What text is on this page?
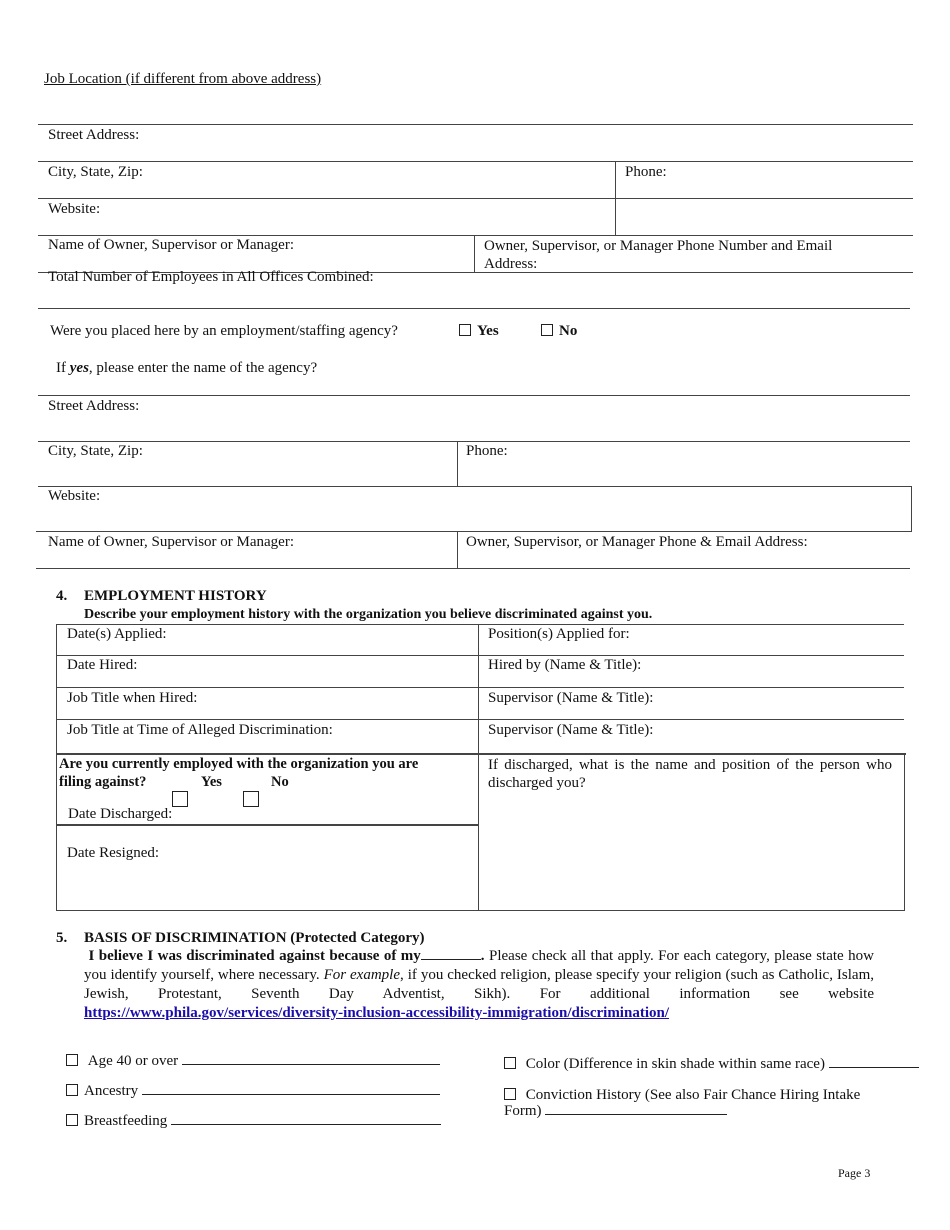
Job Location (if different from above address)
Street Address:
City, State, Zip:	Phone:
Website:
Name of Owner, Supervisor or Manager:	Owner, Supervisor, or Manager Phone Number and Email Address:
Total Number of Employees in All Offices Combined:
Were you placed here by an employment/staffing agency?	Yes	No
If yes, please enter the name of the agency?
Street Address:
City, State, Zip:	Phone:
Website:
Name of Owner, Supervisor or Manager:	Owner, Supervisor, or Manager Phone & Email Address:
4. EMPLOYMENT HISTORY
Describe your employment history with the organization you believe discriminated against you.
Date(s) Applied:	Position(s) Applied for:
Date Hired:	Hired by (Name & Title):
Job Title when Hired:	Supervisor (Name & Title):
Job Title at Time of Alleged Discrimination:	Supervisor (Name & Title):
Are you currently employed with the organization you are
filing against?	Yes	No
Date Discharged:
Date Resigned:
If discharged, what is the name and position of the person who discharged you?
5. BASIS OF DISCRIMINATION (Protected Category)
I believe I was discriminated against because of my	. Please check all that apply. For each category, please state how you identify yourself, where necessary. For example, if you checked religion, please specify your religion (such as Catholic, Islam, Jewish, Protestant, Seventh Day Adventist, Sikh). For additional information see website https://www.phila.gov/services/diversity-inclusion-accessibility-immigration/discrimination/
Age 40 or over
Ancestry
Breastfeeding
Color (Difference in skin shade within same race)
Conviction History (See also Fair Chance Hiring Intake
Form)
Page 3
